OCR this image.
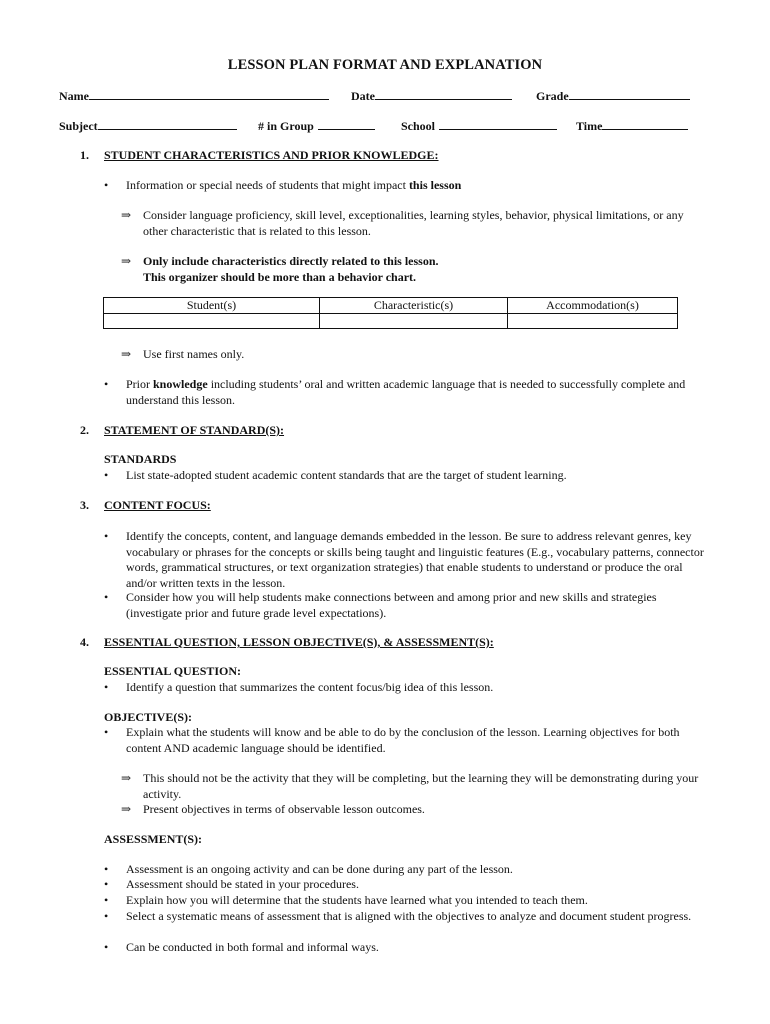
LESSON PLAN FORMAT AND EXPLANATION
Name	Date	Grade
Subject	# in Group	School	Time
1. STUDENT CHARACTERISTICS AND PRIOR KNOWLEDGE:
• Information or special needs of students that might impact this lesson
⇒ Consider language proficiency, skill level, exceptionalities, learning styles, behavior, physical limitations, or any other characteristic that is related to this lesson.
⇒ Only include characteristics directly related to this lesson.
This organizer should be more than a behavior chart.
Student(s)	Characteristic(s)	Accommodation(s)

⇒ Use first names only.
• Prior knowledge including students’ oral and written academic language that is needed to successfully complete and understand this lesson.
2. STATEMENT OF STANDARD(S):
STANDARDS
• List state-adopted student academic content standards that are the target of student learning.
3. CONTENT FOCUS:
• Identify the concepts, content, and language demands embedded in the lesson. Be sure to address relevant genres, key vocabulary or phrases for the concepts or skills being taught and linguistic features (E.g., vocabulary patterns, connector words, grammatical structures, or text organization strategies) that enable students to understand or produce the oral and/or written texts in the lesson.
• Consider how you will help students make connections between and among prior and new skills and strategies (investigate prior and future grade level expectations).
4. ESSENTIAL QUESTION, LESSON OBJECTIVE(S), & ASSESSMENT(S):
ESSENTIAL QUESTION:
• Identify a question that summarizes the content focus/big idea of this lesson.
OBJECTIVE(S):
• Explain what the students will know and be able to do by the conclusion of the lesson. Learning objectives for both content AND academic language should be identified.
⇒ This should not be the activity that they will be completing, but the learning they will be demonstrating during your activity.
⇒ Present objectives in terms of observable lesson outcomes.
ASSESSMENT(S):
• Assessment is an ongoing activity and can be done during any part of the lesson.
• Assessment should be stated in your procedures.
• Explain how you will determine that the students have learned what you intended to teach them.
• Select a systematic means of assessment that is aligned with the objectives to analyze and document student progress.
• Can be conducted in both formal and informal ways.
